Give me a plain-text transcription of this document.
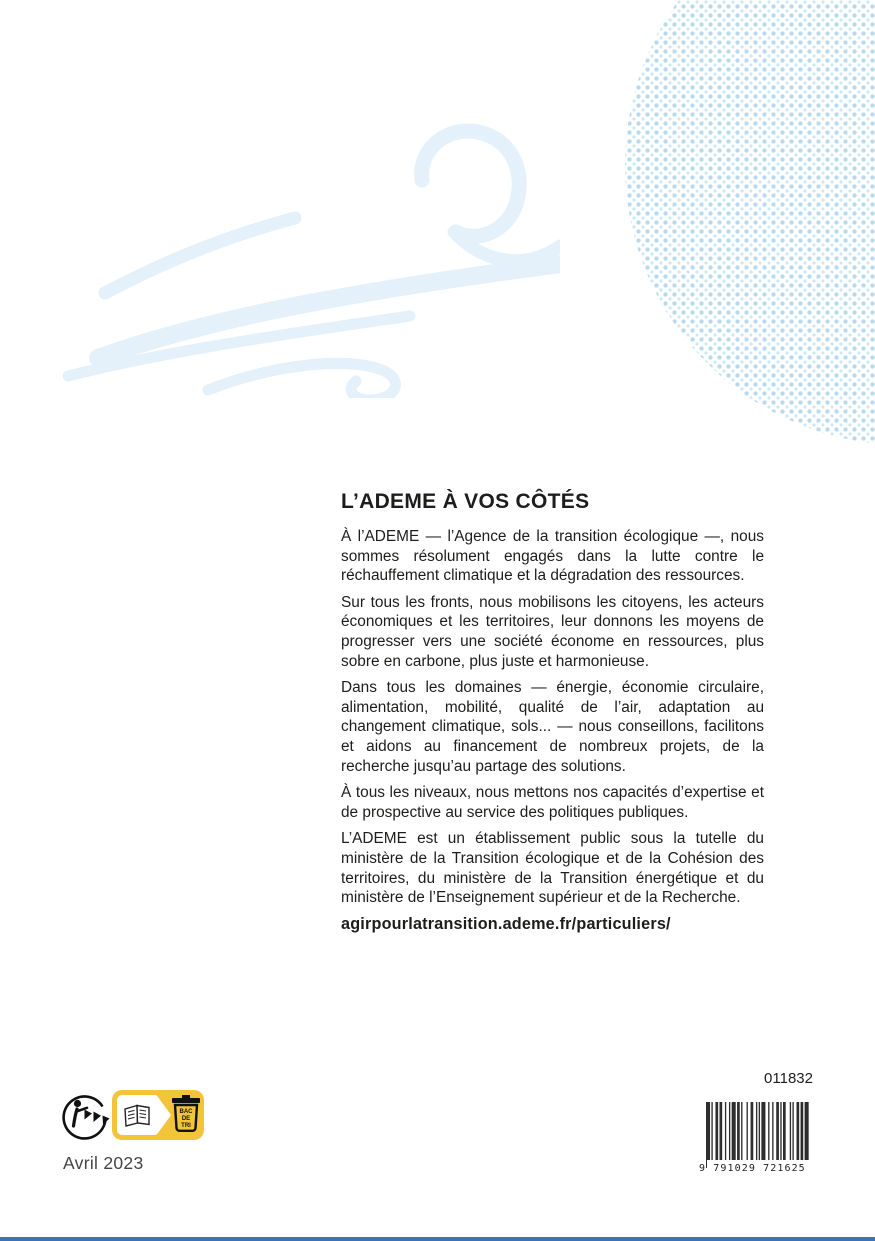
L’ADEME À VOS CÔTÉS

À l’ADEME — l’Agence de la transition écologique —, nous sommes résolument engagés dans la lutte contre le réchauffement climatique et la dégradation des ressources.

Sur tous les fronts, nous mobilisons les citoyens, les acteurs économiques et les territoires, leur donnons les moyens de progresser vers une société économe en ressources, plus sobre en carbone, plus juste et harmonieuse.

Dans tous les domaines — énergie, économie circulaire, alimentation, mobilité, qualité de l’air, adaptation au changement climatique, sols... — nous conseillons, facilitons et aidons au financement de nombreux projets, de la recherche jusqu’au partage des solutions.

À tous les niveaux, nous mettons nos capacités d’expertise et de prospective au service des politiques publiques.

L’ADEME est un établissement public sous la tutelle du ministère de la Transition écologique et de la Cohésion des territoires, du ministère de la Transition énergétique et du ministère de l’Enseignement supérieur et de la Recherche.

agirpourlatransition.ademe.fr/particuliers/

011832
9 791029 721625
BAC
DE
TRI
Avril 2023
